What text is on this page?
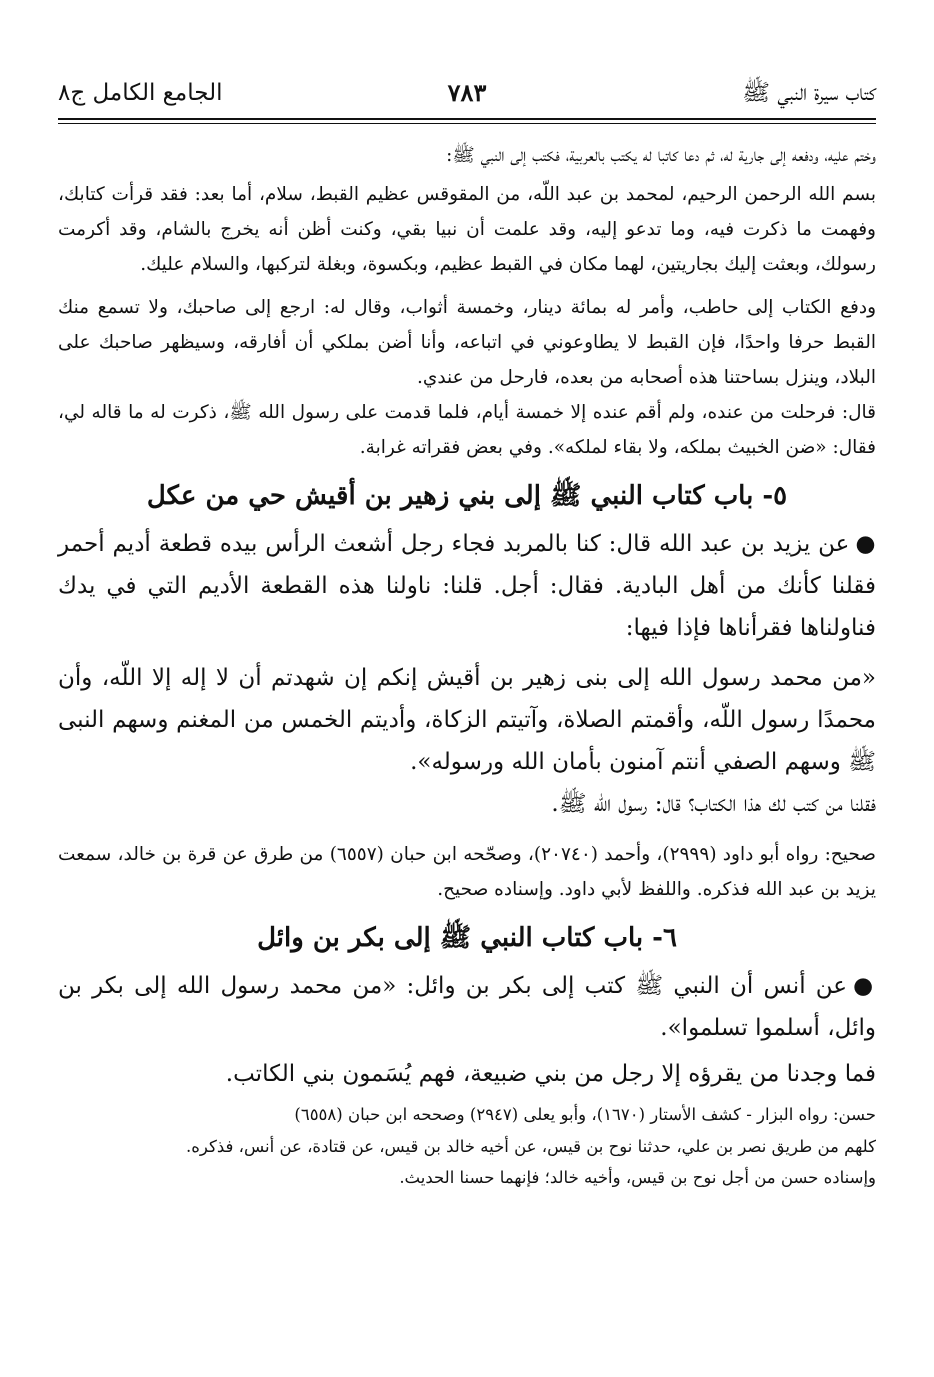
كتاب سيرة النبي ﷺ
٧٨٣
الجامع الكامل ج٨

وختم عليه، ودفعه إلى جارية له، ثم دعا كاتبا له يكتب بالعربية، فكتب إلى النبي ﷺ:

بسم الله الرحمن الرحيم، لمحمد بن عبد اللّه، من المقوقس عظيم القبط، سلام، أما بعد: فقد قرأت كتابك، وفهمت ما ذكرت فيه، وما تدعو إليه، وقد علمت أن نبيا بقي، وكنت أظن أنه يخرج بالشام، وقد أكرمت رسولك، وبعثت إليك بجاريتين، لهما مكان في القبط عظيم، وبكسوة، وبغلة لتركبها، والسلام عليك.

ودفع الكتاب إلى حاطب، وأمر له بمائة دينار، وخمسة أثواب، وقال له: ارجع إلى صاحبك، ولا تسمع منك القبط حرفا واحدًا، فإن القبط لا يطاوعوني في اتباعه، وأنا أضن بملكي أن أفارقه، وسيظهر صاحبك على البلاد، وينزل بساحتنا هذه أصحابه من بعده، فارحل من عندي.

قال: فرحلت من عنده، ولم أقم عنده إلا خمسة أيام، فلما قدمت على رسول الله ﷺ، ذكرت له ما قاله لي، فقال: «ضن الخبيث بملكه، ولا بقاء لملكه». وفي بعض فقراته غرابة.

٥- باب كتاب النبي ﷺ إلى بني زهير بن أقيش حي من عكل

●عن يزيد بن عبد الله قال: كنا بالمربد فجاء رجل أشعث الرأس بيده قطعة أديم أحمر فقلنا كأنك من أهل البادية. فقال: أجل. قلنا: ناولنا هذه القطعة الأديم التي في يدك فناولناها فقرأناها فإذا فيها:

«من محمد رسول الله إلى بنى زهير بن أقيش إنكم إن شهدتم أن لا إله إلا اللّه، وأن محمدًا رسول اللّه، وأقمتم الصلاة، وآتيتم الزكاة، وأديتم الخمس من المغنم وسهم النبى ﷺ وسهم الصفي أنتم آمنون بأمان الله ورسوله».

فقلنا من كتب لك هذا الكتاب؟ قال: رسول الله ﷺ.

صحيح: رواه أبو داود (٢٩٩٩)، وأحمد (٢٠٧٤٠)، وصحّحه ابن حبان (٦٥٥٧) من طرق عن قرة بن خالد، سمعت يزيد بن عبد الله فذكره. واللفظ لأبي داود. وإسناده صحيح.

٦- باب كتاب النبي ﷺ إلى بكر بن وائل

●عن أنس أن النبي ﷺ كتب إلى بكر بن وائل: «من محمد رسول الله إلى بكر بن وائل، أسلموا تسلموا».

فما وجدنا من يقرؤه إلا رجل من بني ضبيعة، فهم يُسَمون بني الكاتب.

حسن: رواه البزار - كشف الأستار (١٦٧٠)، وأبو يعلى (٢٩٤٧) وصححه ابن حبان (٦٥٥٨)

كلهم من طريق نصر بن علي، حدثنا نوح بن قيس، عن أخيه خالد بن قيس، عن قتادة، عن أنس، فذكره.

وإسناده حسن من أجل نوح بن قيس، وأخيه خالد؛ فإنهما حسنا الحديث.
